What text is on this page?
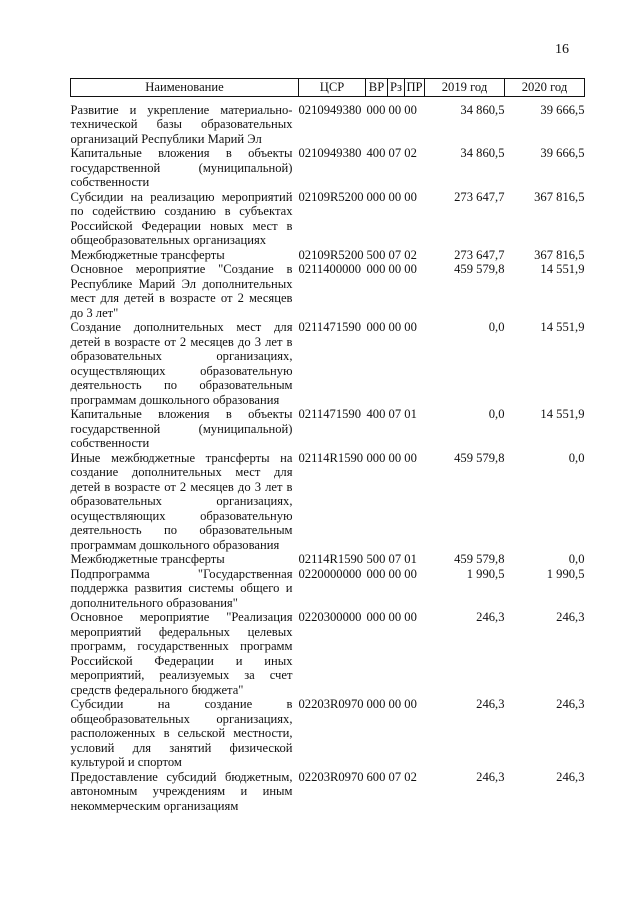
16
Наименование	ЦСР	ВР	Рз	ПР	2019 год	2020 год
Развитие и укрепление материально-технической базы образовательных организаций Республики Марий Эл	0210949380	000 00 00			34 860,5	39 666,5
Капитальные вложения в объекты государственной (муниципальной) собственности	0210949380	400 07 02			34 860,5	39 666,5
Субсидии на реализацию мероприятий по содействию созданию в субъектах Российской Федерации новых мест в общеобразовательных организациях	02109R5200	000 00 00			273 647,7	367 816,5
Межбюджетные трансферты	02109R5200	500 07 02			273 647,7	367 816,5
Основное мероприятие "Создание в Республике Марий Эл дополнительных мест для детей в возрасте от 2 месяцев до 3 лет"	0211400000	000 00 00			459 579,8	14 551,9
Создание дополнительных мест для детей в возрасте от 2 месяцев до 3 лет в образовательных организациях, осуществляющих образовательную деятельность по образовательным программам дошкольного образования	0211471590	000 00 00			0,0	14 551,9
Капитальные вложения в объекты государственной (муниципальной) собственности	0211471590	400 07 01			0,0	14 551,9
Иные межбюджетные трансферты на создание дополнительных мест для детей в возрасте от 2 месяцев до 3 лет в образовательных организациях, осуществляющих образовательную деятельность по образовательным программам дошкольного образования	02114R1590	000 00 00			459 579,8	0,0
Межбюджетные трансферты	02114R1590	500 07 01			459 579,8	0,0
Подпрограмма "Государственная поддержка развития системы общего и дополнительного образования"	0220000000	000 00 00			1 990,5	1 990,5
Основное мероприятие "Реализация мероприятий федеральных целевых программ, государственных программ Российской Федерации и иных мероприятий, реализуемых за счет средств федерального бюджета"	0220300000	000 00 00			246,3	246,3
Субсидии на создание в общеобразовательных организациях, расположенных в сельской местности, условий для занятий физической культурой и спортом	02203R0970	000 00 00			246,3	246,3
Предоставление субсидий бюджетным, автономным учреждениям и иным некоммерческим организациям	02203R0970	600 07 02			246,3	246,3
